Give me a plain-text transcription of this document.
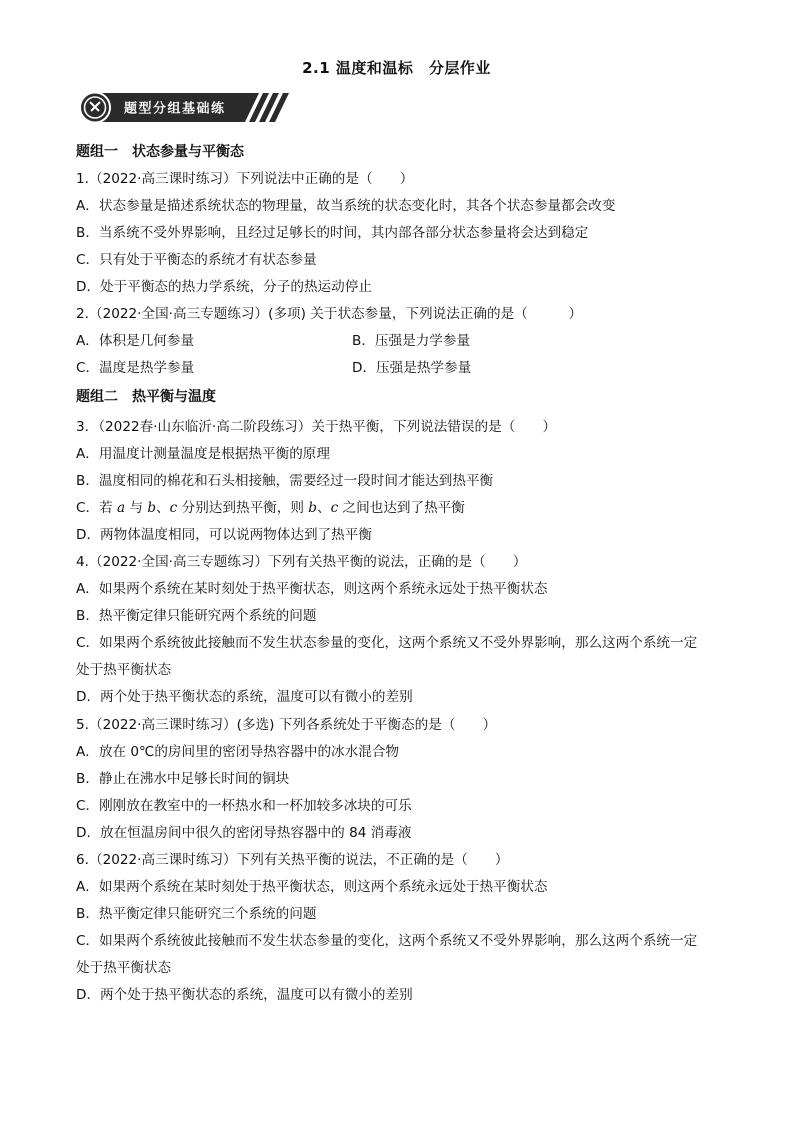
2.1 温度和温标　分层作业
题型分组基础练
题组一　状态参量与平衡态
1.（2022·高三课时练习）下列说法中正确的是（　　）
A．状态参量是描述系统状态的物理量，故当系统的状态变化时，其各个状态参量都会改变
B．当系统不受外界影响，且经过足够长的时间，其内部各部分状态参量将会达到稳定
C．只有处于平衡态的系统才有状态参量
D．处于平衡态的热力学系统，分子的热运动停止
2.（2022·全国·高三专题练习）(多项) 关于状态参量，下列说法正确的是（　　　）
A．体积是几何参量	B．压强是力学参量
C．温度是热学参量	D．压强是热学参量
题组二　热平衡与温度
3．（2022春·山东临沂·高二阶段练习）关于热平衡，下列说法错误的是（　　）
A．用温度计测量温度是根据热平衡的原理
B．温度相同的棉花和石头相接触，需要经过一段时间才能达到热平衡
C．若 a 与 b、c 分别达到热平衡，则 b、c 之间也达到了热平衡
D．两物体温度相同，可以说两物体达到了热平衡
4.（2022·全国·高三专题练习）下列有关热平衡的说法，正确的是（　　）
A．如果两个系统在某时刻处于热平衡状态，则这两个系统永远处于热平衡状态
B．热平衡定律只能研究两个系统的问题
C．如果两个系统彼此接触而不发生状态参量的变化，这两个系统又不受外界影响，那么这两个系统一定
处于热平衡状态
D．两个处于热平衡状态的系统，温度可以有微小的差别
5.（2022·高三课时练习）(多选) 下列各系统处于平衡态的是（　　）
A．放在 0℃的房间里的密闭导热容器中的冰水混合物
B．静止在沸水中足够长时间的铜块
C．刚刚放在教室中的一杯热水和一杯加较多冰块的可乐
D．放在恒温房间中很久的密闭导热容器中的 84 消毒液
6.（2022·高三课时练习）下列有关热平衡的说法，不正确的是（　　）
A．如果两个系统在某时刻处于热平衡状态，则这两个系统永远处于热平衡状态
B．热平衡定律只能研究三个系统的问题
C．如果两个系统彼此接触而不发生状态参量的变化，这两个系统又不受外界影响，那么这两个系统一定
处于热平衡状态
D．两个处于热平衡状态的系统，温度可以有微小的差别
